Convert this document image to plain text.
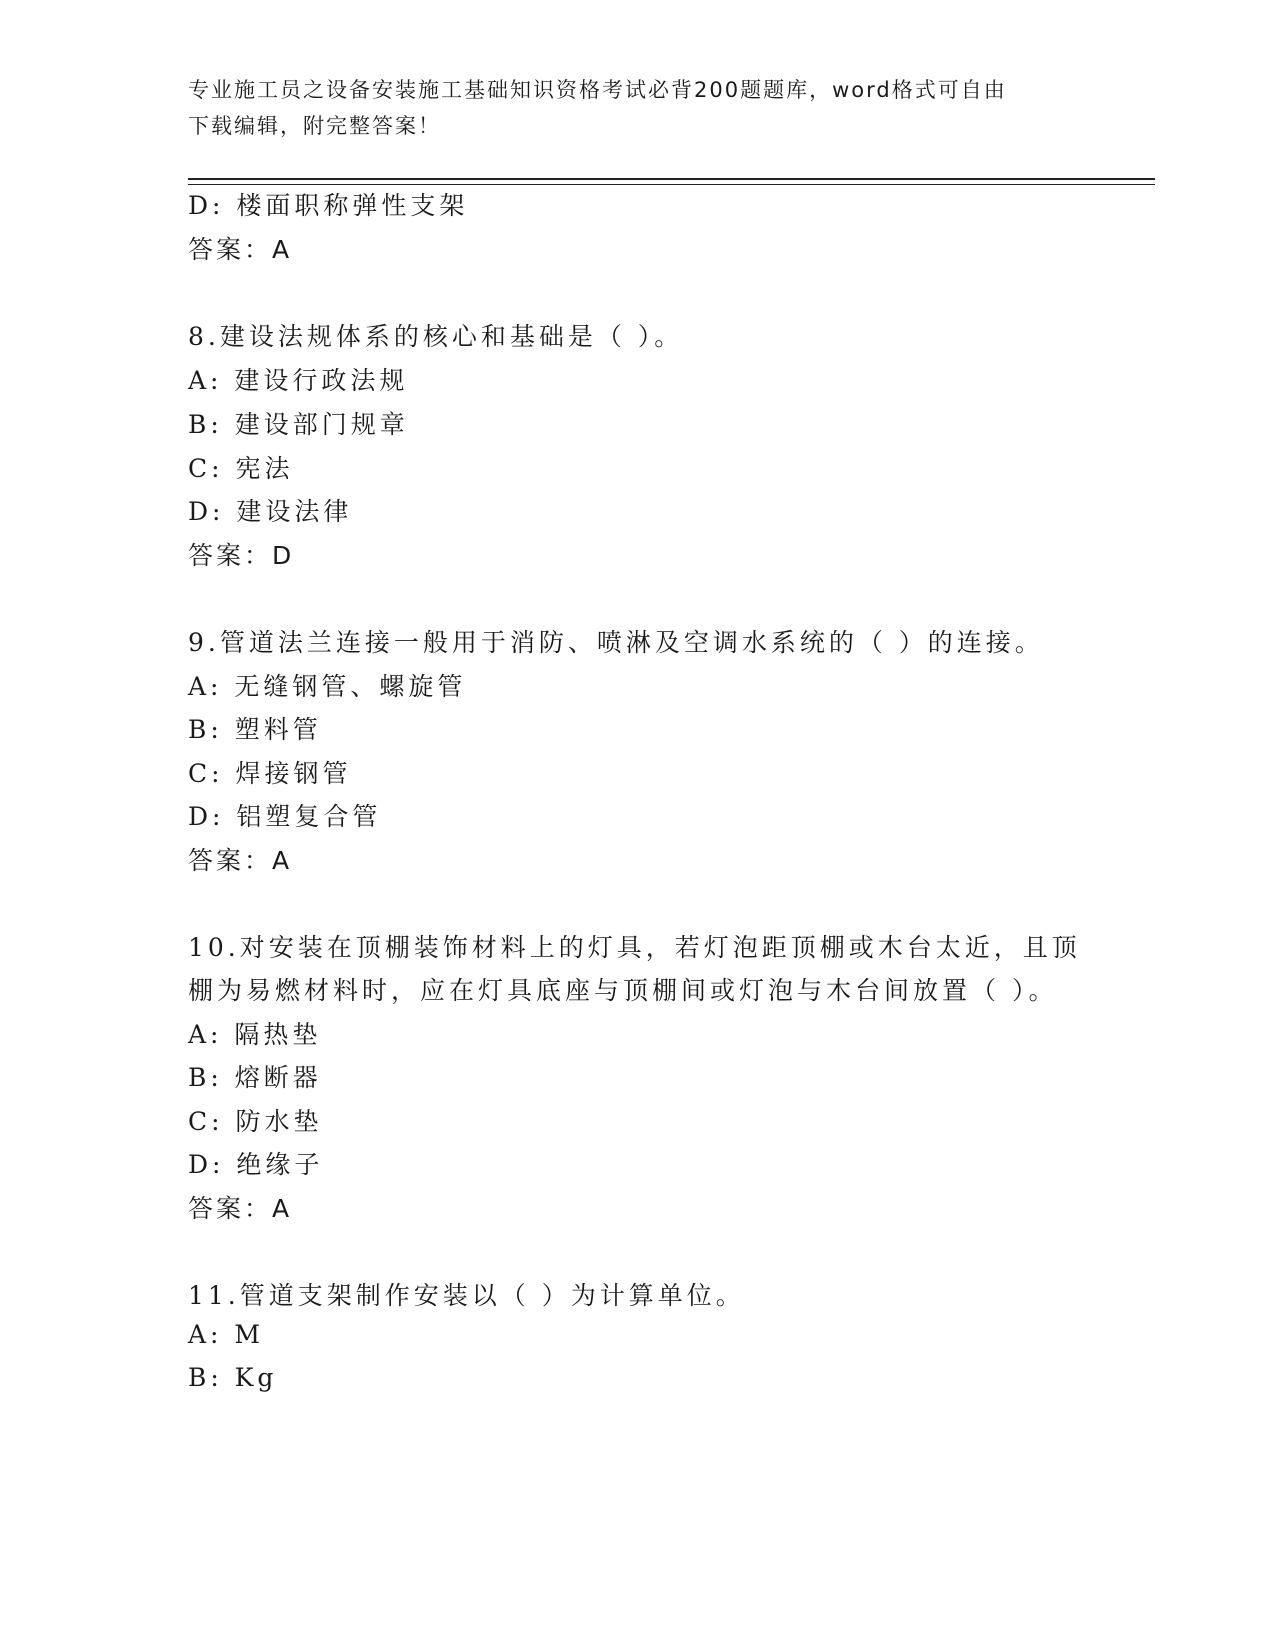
专业施工员之设备安装施工基础知识资格考试必背200题题库，word格式可自由
下载编辑，附完整答案！
D: 楼面职称弹性支架
答案：A
8.建设法规体系的核心和基础是（ ）。
A: 建设行政法规
B: 建设部门规章
C: 宪法
D: 建设法律
答案：D
9.管道法兰连接一般用于消防、喷淋及空调水系统的（ ）的连接。
A: 无缝钢管、螺旋管
B: 塑料管
C: 焊接钢管
D: 铝塑复合管
答案：A
10.对安装在顶棚装饰材料上的灯具，若灯泡距顶棚或木台太近，且顶
棚为易燃材料时，应在灯具底座与顶棚间或灯泡与木台间放置（ ）。
A: 隔热垫
B: 熔断器
C: 防水垫
D: 绝缘子
答案：A
11.管道支架制作安装以（ ）为计算单位。
A: M
B: Kg
